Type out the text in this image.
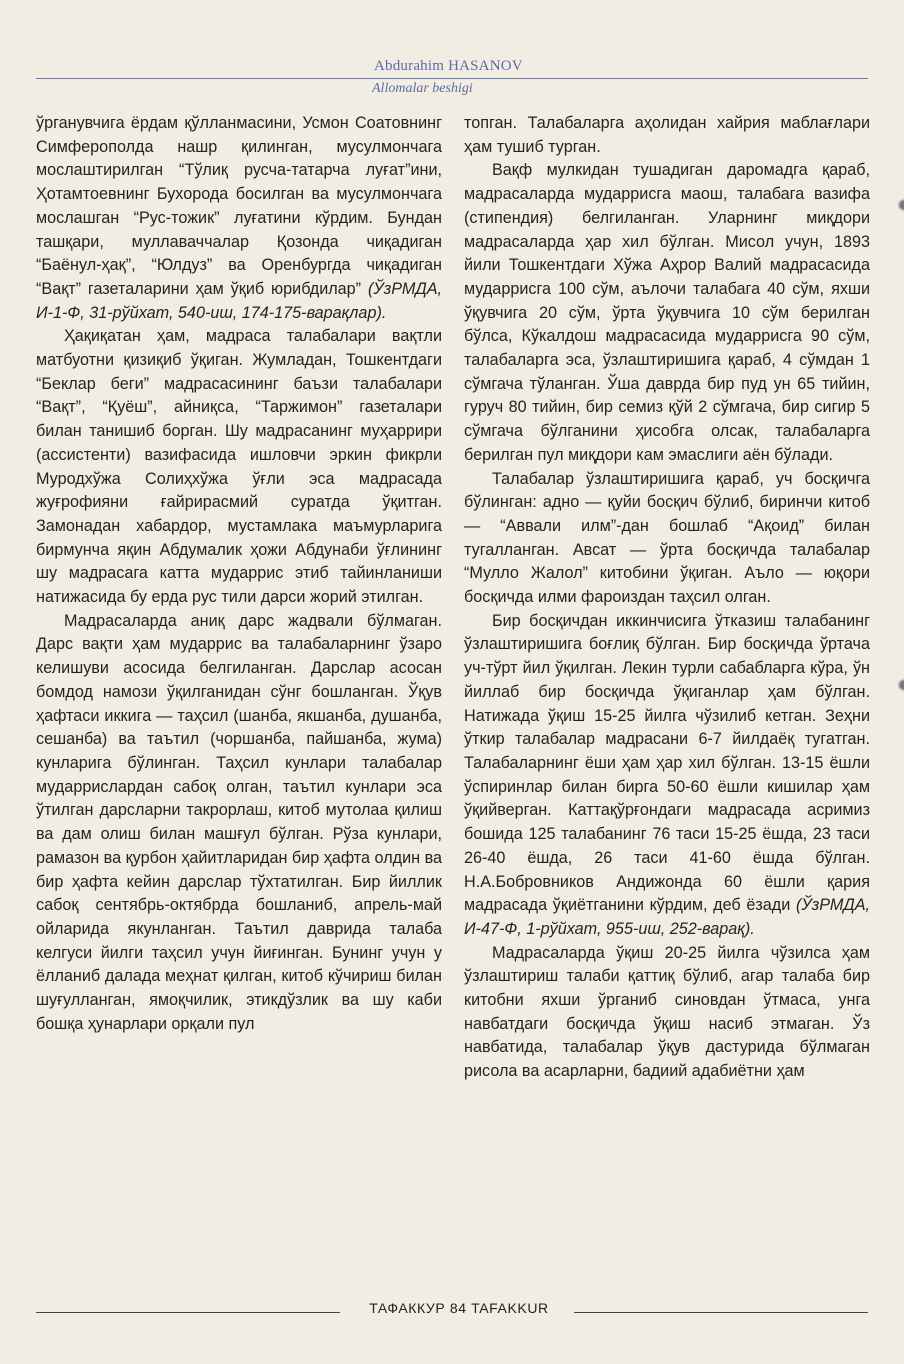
Abdurahim HASANOV
Allomalar beshigi

ўрганувчига ёрдам қўлланмасини, Усмон Соатовнинг Симферополда нашр қилинган, мусулмончага мослаштирилган “Тўлиқ русча-татарча луғат”ини, Ҳотамтоевнинг Бухорода босилган ва мусулмончага мослашган “Рус-тожик” луғатини кўрдим. Бундан ташқари, муллаваччалар Қозонда чиқадиган “Баёнул-ҳақ”, “Юлдуз” ва Оренбургда чиқадиган “Вақт” газеталарини ҳам ўқиб юрибдилар” (ЎзРМДА, И-1-Ф, 31-рўйхат, 540-иш, 174-175-варақлар).

Ҳақиқатан ҳам, мадраса талабалари вақтли матбуотни қизиқиб ўқиган. Жумладан, Тошкентдаги “Беклар беги” мадрасасининг баъзи талабалари “Вақт”, “Қуёш”, айниқса, “Таржимон” газеталари билан танишиб борган. Шу мадрасанинг муҳаррири (ассистенти) вазифасида ишловчи эркин фикрли Муродхўжа Солиҳхўжа ўғли эса мадрасада жуғрофияни ғайрирасмий суратда ўқитган. Замонадан хабардор, мустамлака маъмурларига бирмунча яқин Абдумалик ҳожи Абдунаби ўғлининг шу мадрасага катта мударрис этиб тайинланиши натижасида бу ерда рус тили дарси жорий этилган.

Мадрасаларда аниқ дарс жадвали бўлмаган. Дарс вақти ҳам мударрис ва талабаларнинг ўзаро келишуви асосида белгиланган. Дарслар асосан бомдод намози ўқилганидан сўнг бошланган. Ўқув ҳафтаси иккига — таҳсил (шанба, якшанба, душанба, сешанба) ва таътил (чоршанба, пайшанба, жума) кунларига бўлинган. Таҳсил кунлари талабалар мударрислардан сабоқ олган, таътил кунлари эса ўтилган дарсларни такрорлаш, китоб мутолаа қилиш ва дам олиш билан машғул бўлган. Рўза кунлари, рамазон ва қурбон ҳайитларидан бир ҳафта олдин ва бир ҳафта кейин дарслар тўхтатилган. Бир йиллик сабоқ сентябрь-октябрда бошланиб, апрель-май ойларида якунланган. Таътил даврида талаба келгуси йилги таҳсил учун йиғинган. Бунинг учун у ёлланиб далада меҳнат қилган, китоб кўчириш билан шуғулланган, ямоқчилик, этикдўзлик ва шу каби бошқа ҳунарлари орқали пул

топган. Талабаларга аҳолидан хайрия маблағлари ҳам тушиб турган.

Вақф мулкидан тушадиган даромадга қараб, мадрасаларда мударрисга маош, талабага вазифа (стипендия) белгиланган. Уларнинг миқдори мадрасаларда ҳар хил бўлган. Мисол учун, 1893 йили Тошкентдаги Хўжа Аҳрор Валий мадрасасида мударрисга 100 сўм, аълочи талабага 40 сўм, яхши ўқувчига 20 сўм, ўрта ўқувчига 10 сўм берилган бўлса, Кўкалдош мадрасасида мударрисга 90 сўм, талабаларга эса, ўзлаштиришига қараб, 4 сўмдан 1 сўмгача тўланган. Ўша даврда бир пуд ун 65 тийин, гуруч 80 тийин, бир семиз қўй 2 сўмгача, бир сигир 5 сўмгача бўлганини ҳисобга олсак, талабаларга берилган пул миқдори кам эмаслиги аён бўлади.

Талабалар ўзлаштиришига қараб, уч босқичга бўлинган: адно — қуйи босқич бўлиб, биринчи китоб — “Аввали илм”-дан бошлаб “Ақоид” билан тугалланган. Авсат — ўрта босқичда талабалар “Мулло Жалол” китобини ўқиган. Аъло — юқори босқичда илми фароиздан таҳсил олган.

Бир босқичдан иккинчисига ўтказиш талабанинг ўзлаштиришига боғлиқ бўлган. Бир босқичда ўртача уч-тўрт йил ўқилган. Лекин турли сабабларга кўра, ўн йиллаб бир босқичда ўқиганлар ҳам бўлган. Натижада ўқиш 15-25 йилга чўзилиб кетган. Зеҳни ўткир талабалар мадрасани 6-7 йилдаёқ тугатган. Талабаларнинг ёши ҳам ҳар хил бўлган. 13-15 ёшли ўспиринлар билан бирга 50-60 ёшли кишилар ҳам ўқийверган. Каттақўрғондаги мадрасада асримиз бошида 125 талабанинг 76 таси 15-25 ёшда, 23 таси 26-40 ёшда, 26 таси 41-60 ёшда бўлган. Н.А.Бобровников Андижонда 60 ёшли қария мадрасада ўқиётганини кўрдим, деб ёзади (ЎзРМДА, И-47-Ф, 1-рўйхат, 955-иш, 252-варақ).

Мадрасаларда ўқиш 20-25 йилга чўзилса ҳам ўзлаштириш талаби қаттиқ бўлиб, агар талаба бир китобни яхши ўрганиб синовдан ўтмаса, унга навбатдаги босқичда ўқиш насиб этмаган. Ўз навбатида, талабалар ўқув дастурида бўлмаган рисола ва асарларни, бадиий адабиётни ҳам

ТАФАККУР 84 TAFAKKUR
